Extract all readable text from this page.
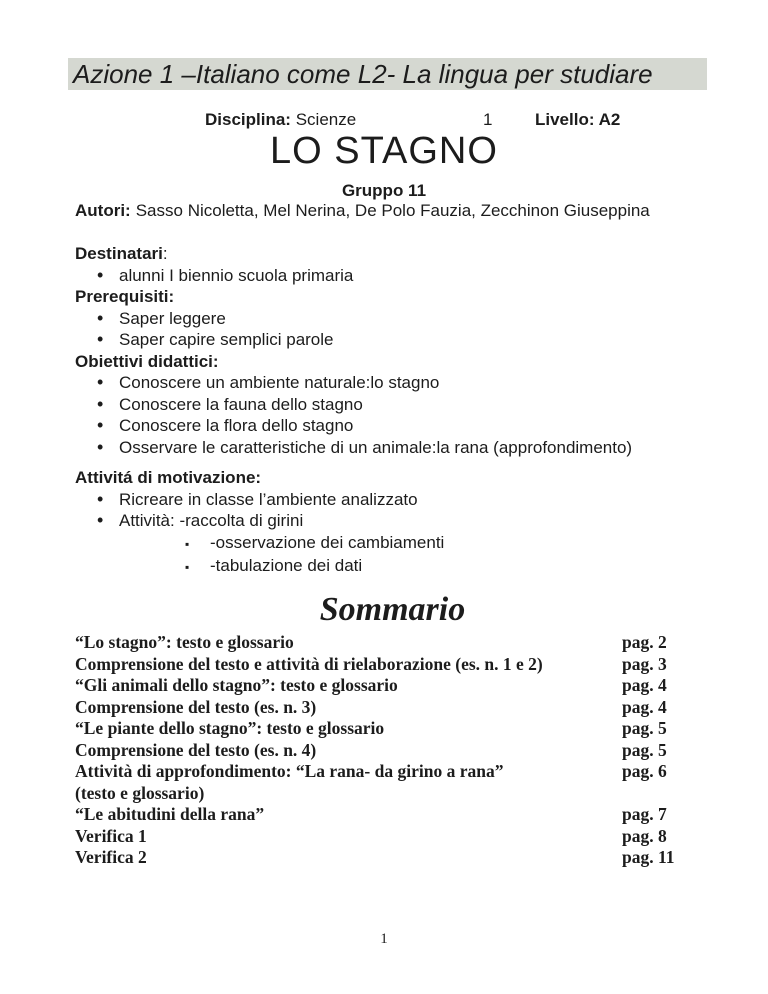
Azione 1 –Italiano come L2- La lingua per studiare
Disciplina: Scienze	1	Livello: A2
LO STAGNO
Gruppo 11
Autori: Sasso Nicoletta, Mel Nerina, De Polo Fauzia, Zecchinon Giuseppina
Destinatari :
•
alunni I biennio scuola primaria
Prerequisiti:
•
Saper leggere
•
Saper capire semplici parole
Obiettivi didattici:
•
Conoscere un ambiente naturale:lo stagno
•
Conoscere la fauna dello stagno
•
Conoscere la flora dello stagno
•
Osservare le caratteristiche di un animale:la rana (approfondimento)
Attivitá di motivazione:
•
Ricreare in classe l’ambiente analizzato
•
Attività: -raccolta di girini
▪
-osservazione dei cambiamenti
▪
-tabulazione dei dati
Sommario
“Lo stagno”: testo e glossario	pag. 2
Comprensione del testo e attività di rielaborazione (es. n. 1 e 2)	pag. 3
“Gli animali dello stagno”: testo e glossario	pag. 4
Comprensione del testo (es. n. 3)	pag. 4
“Le piante dello stagno”: testo e glossario	pag. 5
Comprensione del testo (es. n. 4)	pag. 5
Attività di approfondimento: “La rana- da girino a rana”	pag. 6
(testo e glossario)
“Le abitudini della rana”	pag. 7
Verifica 1	pag. 8
Verifica 2	pag. 11
1
